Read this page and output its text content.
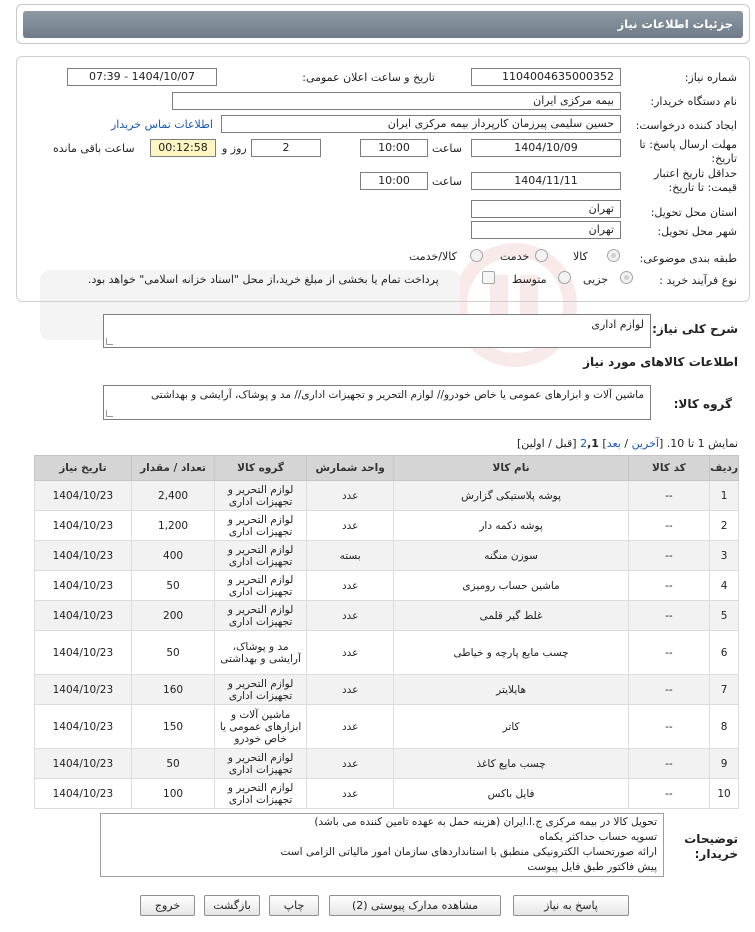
جزئیات اطلاعات نیاز
شماره نیاز:
1104004635000352
تاریخ و ساعت اعلان عمومی:
1404/10/07 - 07:39
نام دستگاه خریدار:
بیمه مرکزی ایران
ایجاد کننده درخواست:
حسین سلیمی پیرزمان کارپرداز بیمه مرکزی ایران
اطلاعات تماس خریدار
مهلت ارسال پاسخ: تا
تاریخ:
1404/10/09
ساعت
10:00
2
روز و
00:12:58
ساعت باقی مانده
حداقل تاریخ اعتبار
قیمت: تا تاریخ:
1404/11/11
ساعت
10:00
استان محل تحویل:
تهران
شهر محل تحویل:
تهران
طبقه بندی موضوعی:
کالا
خدمت
کالا/خدمت
نوع فرآیند خرید :
جزیی
متوسط
پرداخت تمام یا بخشی از مبلغ خرید،از محل "اسناد خزانه اسلامی" خواهد بود.
شرح کلی نیاز:
لوازم اداری
اطلاعات کالاهای مورد نیاز
گروه کالا:
ماشین آلات و ابزارهای عمومی یا خاص خودرو// لوازم التحریر و تجهیزات اداری// مد و پوشاک، آرایشی و بهداشتی
نمایش 1 تا 10. [آخرین / بعد] 2,1 [قبل / اولین]
ردیف	کد کالا	نام کالا	واحد شمارش	گروه کالا	تعداد / مقدار	تاریخ نیاز
1	--	پوشه پلاستیکی گزارش	عدد	لوازم التحریر و تجهیزات اداری	2,400	1404/10/23
2	--	پوشه دکمه دار	عدد	لوازم التحریر و تجهیزات اداری	1,200	1404/10/23
3	--	سوزن منگنه	بسته	لوازم التحریر و تجهیزات اداری	400	1404/10/23
4	--	ماشین حساب رومیزی	عدد	لوازم التحریر و تجهیزات اداری	50	1404/10/23
5	--	غلط گیر قلمی	عدد	لوازم التحریر و تجهیزات اداری	200	1404/10/23
6	--	چسب مایع پارچه و خیاطی	عدد	مد و پوشاک، آرایشی و بهداشتی	50	1404/10/23
7	--	هایلایتر	عدد	لوازم التحریر و تجهیزات اداری	160	1404/10/23
8	--	کاتر	عدد	ماشین آلات و ابزارهای عمومی یا خاص خودرو	150	1404/10/23
9	--	چسب مایع کاغذ	عدد	لوازم التحریر و تجهیزات اداری	50	1404/10/23
10	--	فایل باکس	عدد	لوازم التحریر و تجهیزات اداری	100	1404/10/23
توضیحات
خریدار:
تحویل کالا در بیمه مرکزی ج.ا.ایران (هزینه حمل به عهده تامین کننده می باشد)
تسویه حساب حداکثر یکماه
ارائه صورتحساب الکترونیکی منطبق با استانداردهای سازمان امور مالیاتی الزامی است
پیش فاکتور طبق فایل پیوست
پاسخ به نیاز
مشاهده مدارک پیوستی (2)
چاپ
بازگشت
خروج
